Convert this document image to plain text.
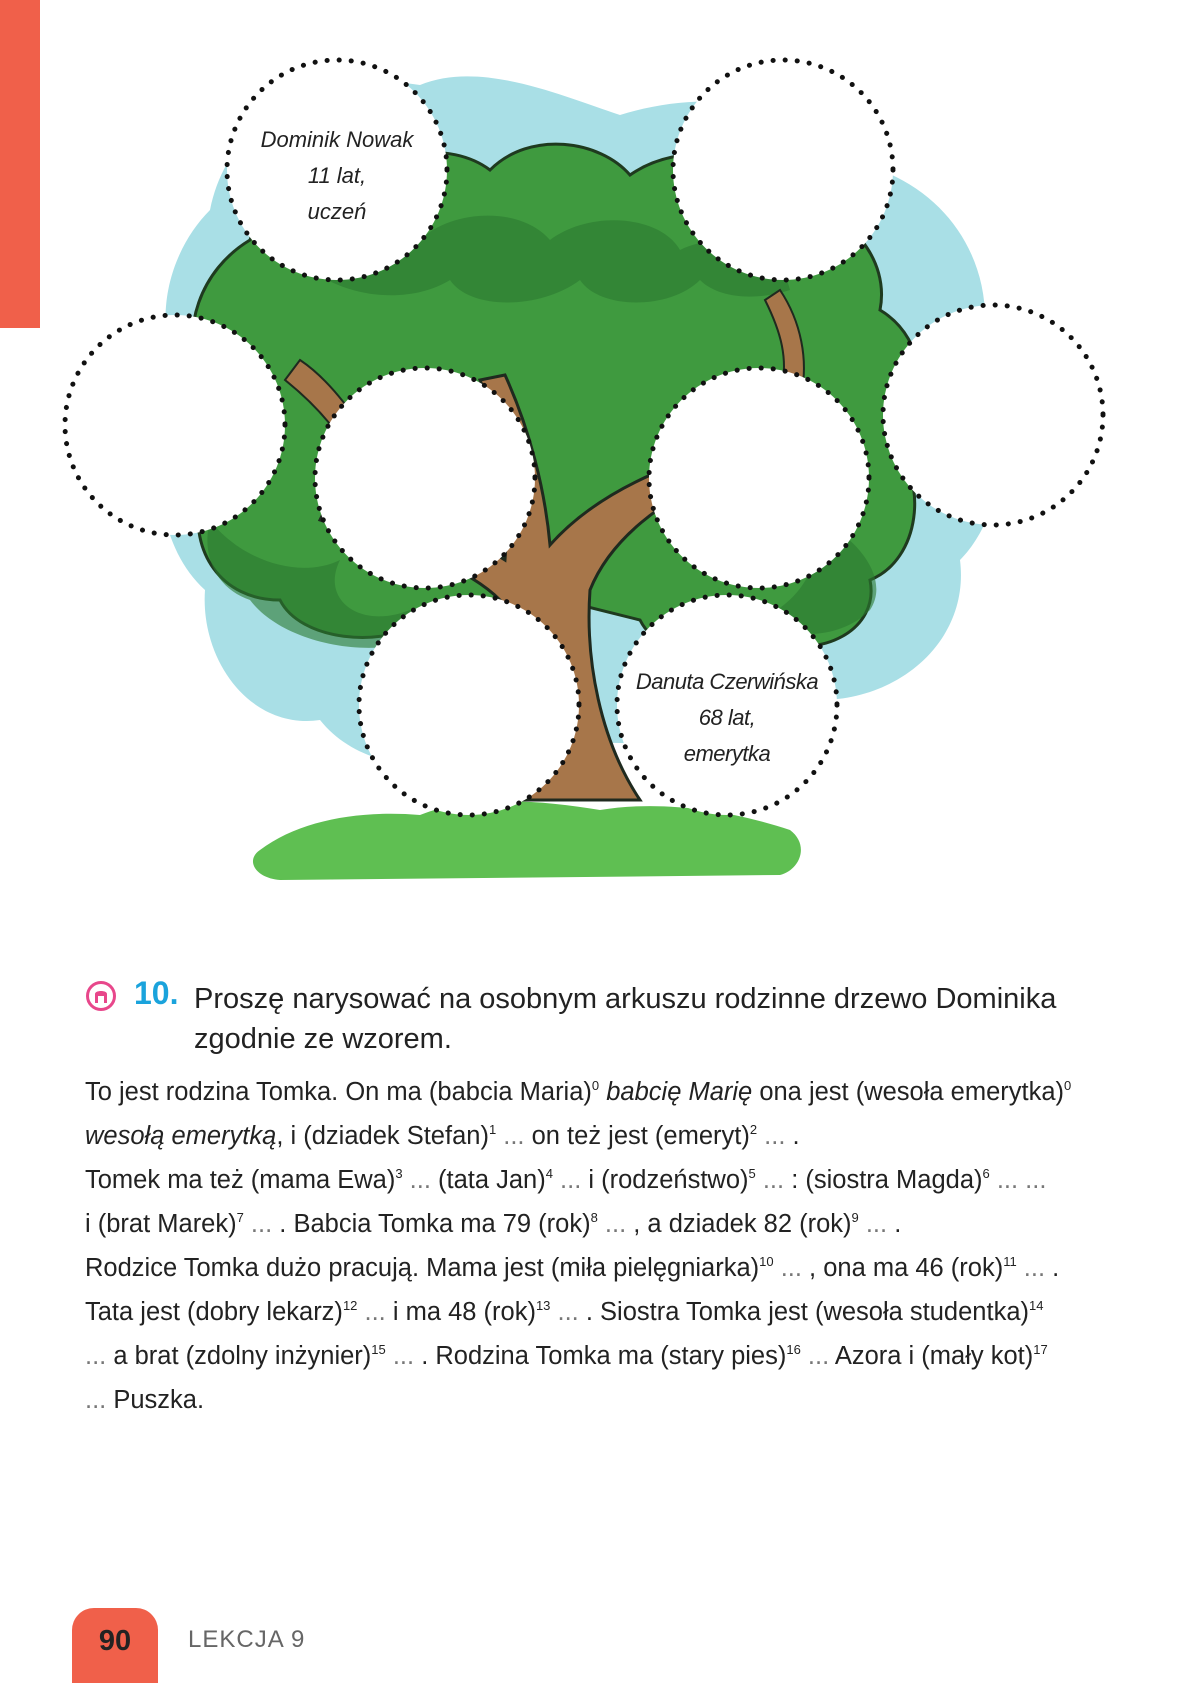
Dominik Nowak
11 lat,
uczeń
Danuta Czerwińska
68 lat,
emerytka
10. Proszę narysować na osobnym arkuszu rodzinne drzewo Dominika zgodnie ze wzorem.
To jest rodzina Tomka. On ma (babcia Maria)$^0$ babcię Marię ona jest (wesoła emerytka)$^0$
wesołą emerytką, i (dziadek Stefan)$^1$ ... on też jest (emeryt)$^2$ ... .
Tomek ma też (mama Ewa)$^3$ ... (tata Jan)$^4$ ... i (rodzeństwo)$^5$ ... : (siostra Magda)$^6$ ... ...
i (brat Marek)$^7$ ... . Babcia Tomka ma 79 (rok)$^8$ ... , a dziadek 82 (rok)$^9$ ... .
Rodzice Tomka dużo pracują. Mama jest (miła pielęgniarka)$^{10}$ ... , ona ma 46 (rok)$^{11}$ ... .
Tata jest (dobry lekarz)$^{12}$ ... i ma 48 (rok)$^{13}$ ... . Siostra Tomka jest (wesoła studentka)$^{14}$
... a brat (zdolny inżynier)$^{15}$ ... . Rodzina Tomka ma (stary pies)$^{16}$ ... Azora i (mały kot)$^{17}$
... Puszka.
90	LEKCJA 9
